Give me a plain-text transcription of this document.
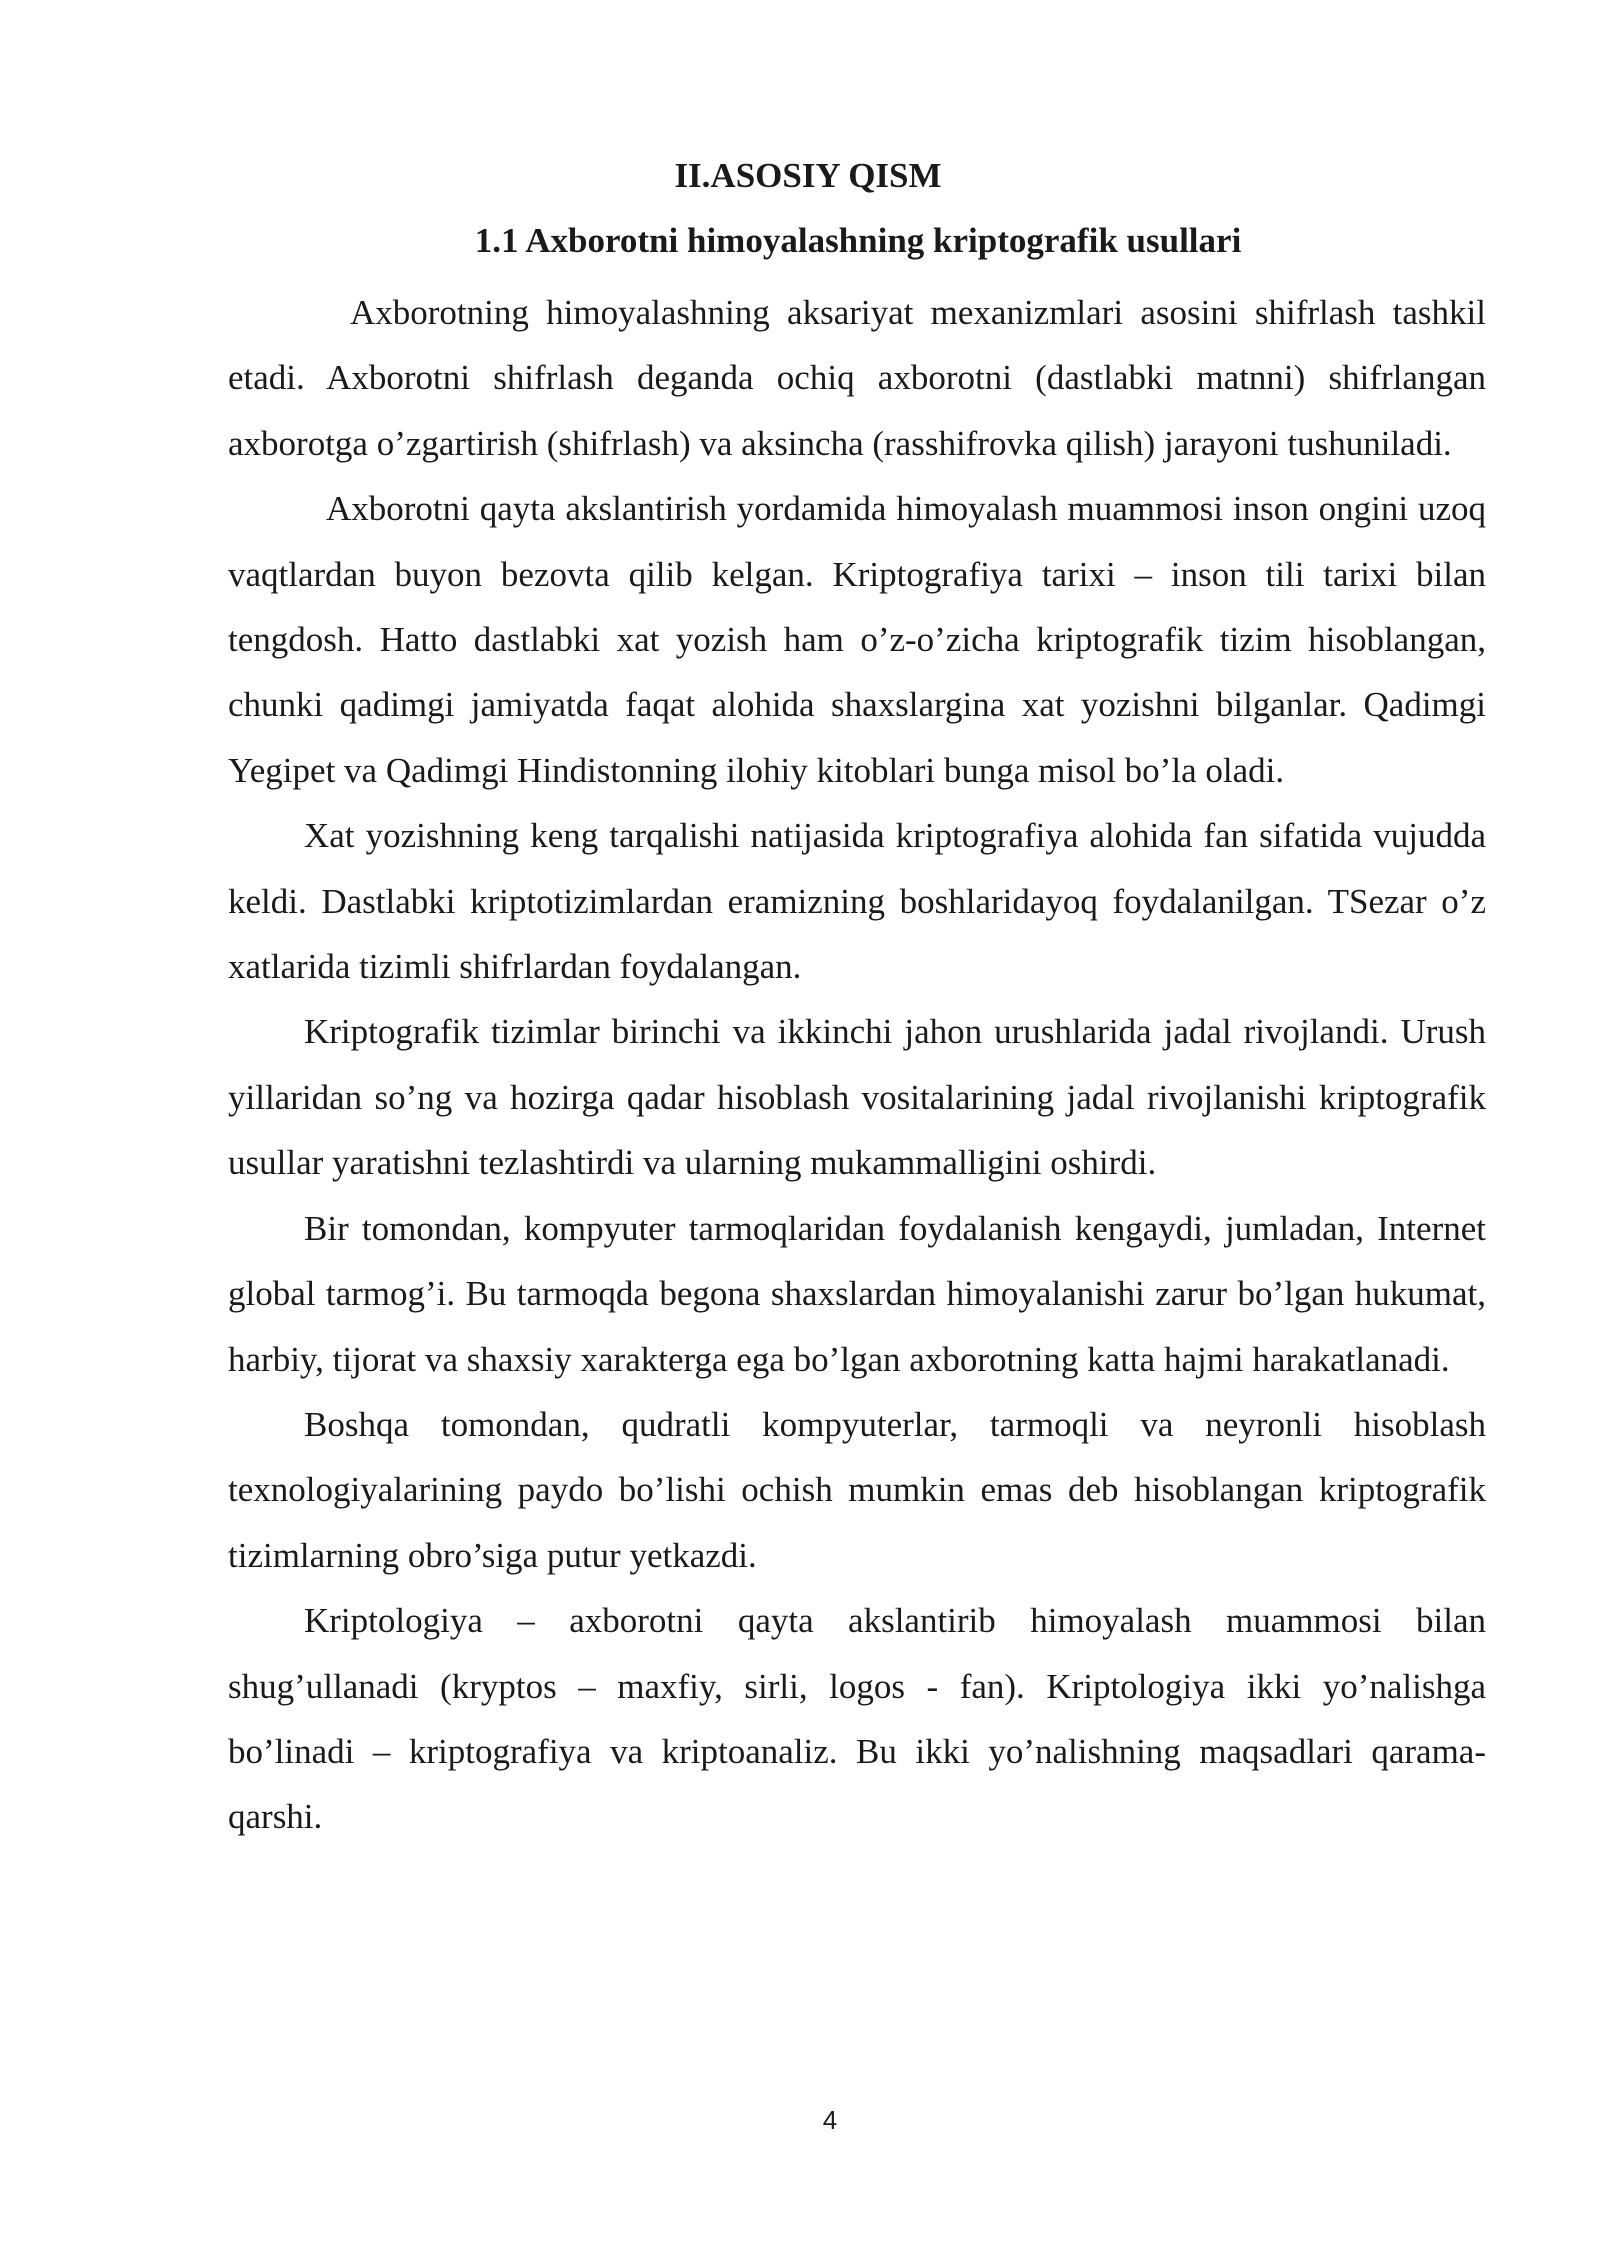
II.ASOSIY QISM
1.1 Axborotni himoyalashning kriptografik usullari

Axborotning himoyalashning aksariyat mexanizmlari asosini shifrlash tashkil etadi. Axborotni shifrlash deganda ochiq axborotni (dastlabki matnni) shifrlangan axborotga o’zgartirish (shifrlash) va aksincha (rasshifrovka qilish) jarayoni tushuniladi.

Axborotni qayta akslantirish yordamida himoyalash muammosi inson ongini uzoq vaqtlardan buyon bezovta qilib kelgan. Kriptografiya tarixi – inson tili tarixi bilan tengdosh. Hatto dastlabki xat yozish ham o’z-o’zicha kriptografik tizim hisoblangan, chunki qadimgi jamiyatda faqat alohida shaxslargina xat yozishni bilganlar. Qadimgi Yegipet va Qadimgi Hindistonning ilohiy kitoblari bunga misol bo’la oladi.

Xat yozishning keng tarqalishi natijasida kriptografiya alohida fan sifatida vujudda keldi. Dastlabki kriptotizimlardan eramizning boshlaridayoq foydalanilgan. TSezar o’z xatlarida tizimli shifrlardan foydalangan.

Kriptografik tizimlar birinchi va ikkinchi jahon urushlarida jadal rivojlandi. Urush yillaridan so’ng va hozirga qadar hisoblash vositalarining jadal rivojlanishi kriptografik usullar yaratishni tezlashtirdi va ularning mukammalligini oshirdi.

Bir tomondan, kompyuter tarmoqlaridan foydalanish kengaydi, jumladan, Internet global tarmog’i. Bu tarmoqda begona shaxslardan himoyalanishi zarur bo’lgan hukumat, harbiy, tijorat va shaxsiy xarakterga ega bo’lgan axborotning katta hajmi harakatlanadi.

Boshqa tomondan, qudratli kompyuterlar, tarmoqli va neyronli hisoblash texnologiyalarining paydo bo’lishi ochish mumkin emas deb hisoblangan kriptografik tizimlarning obro’siga putur yetkazdi.

Kriptologiya – axborotni qayta akslantirib himoyalash muammosi bilan shug’ullanadi (kryptos – maxfiy, sirli, logos - fan). Kriptologiya ikki yo’nalishga bo’linadi – kriptografiya va kriptoanaliz. Bu ikki yo’nalishning maqsadlari qarama-qarshi.

4
